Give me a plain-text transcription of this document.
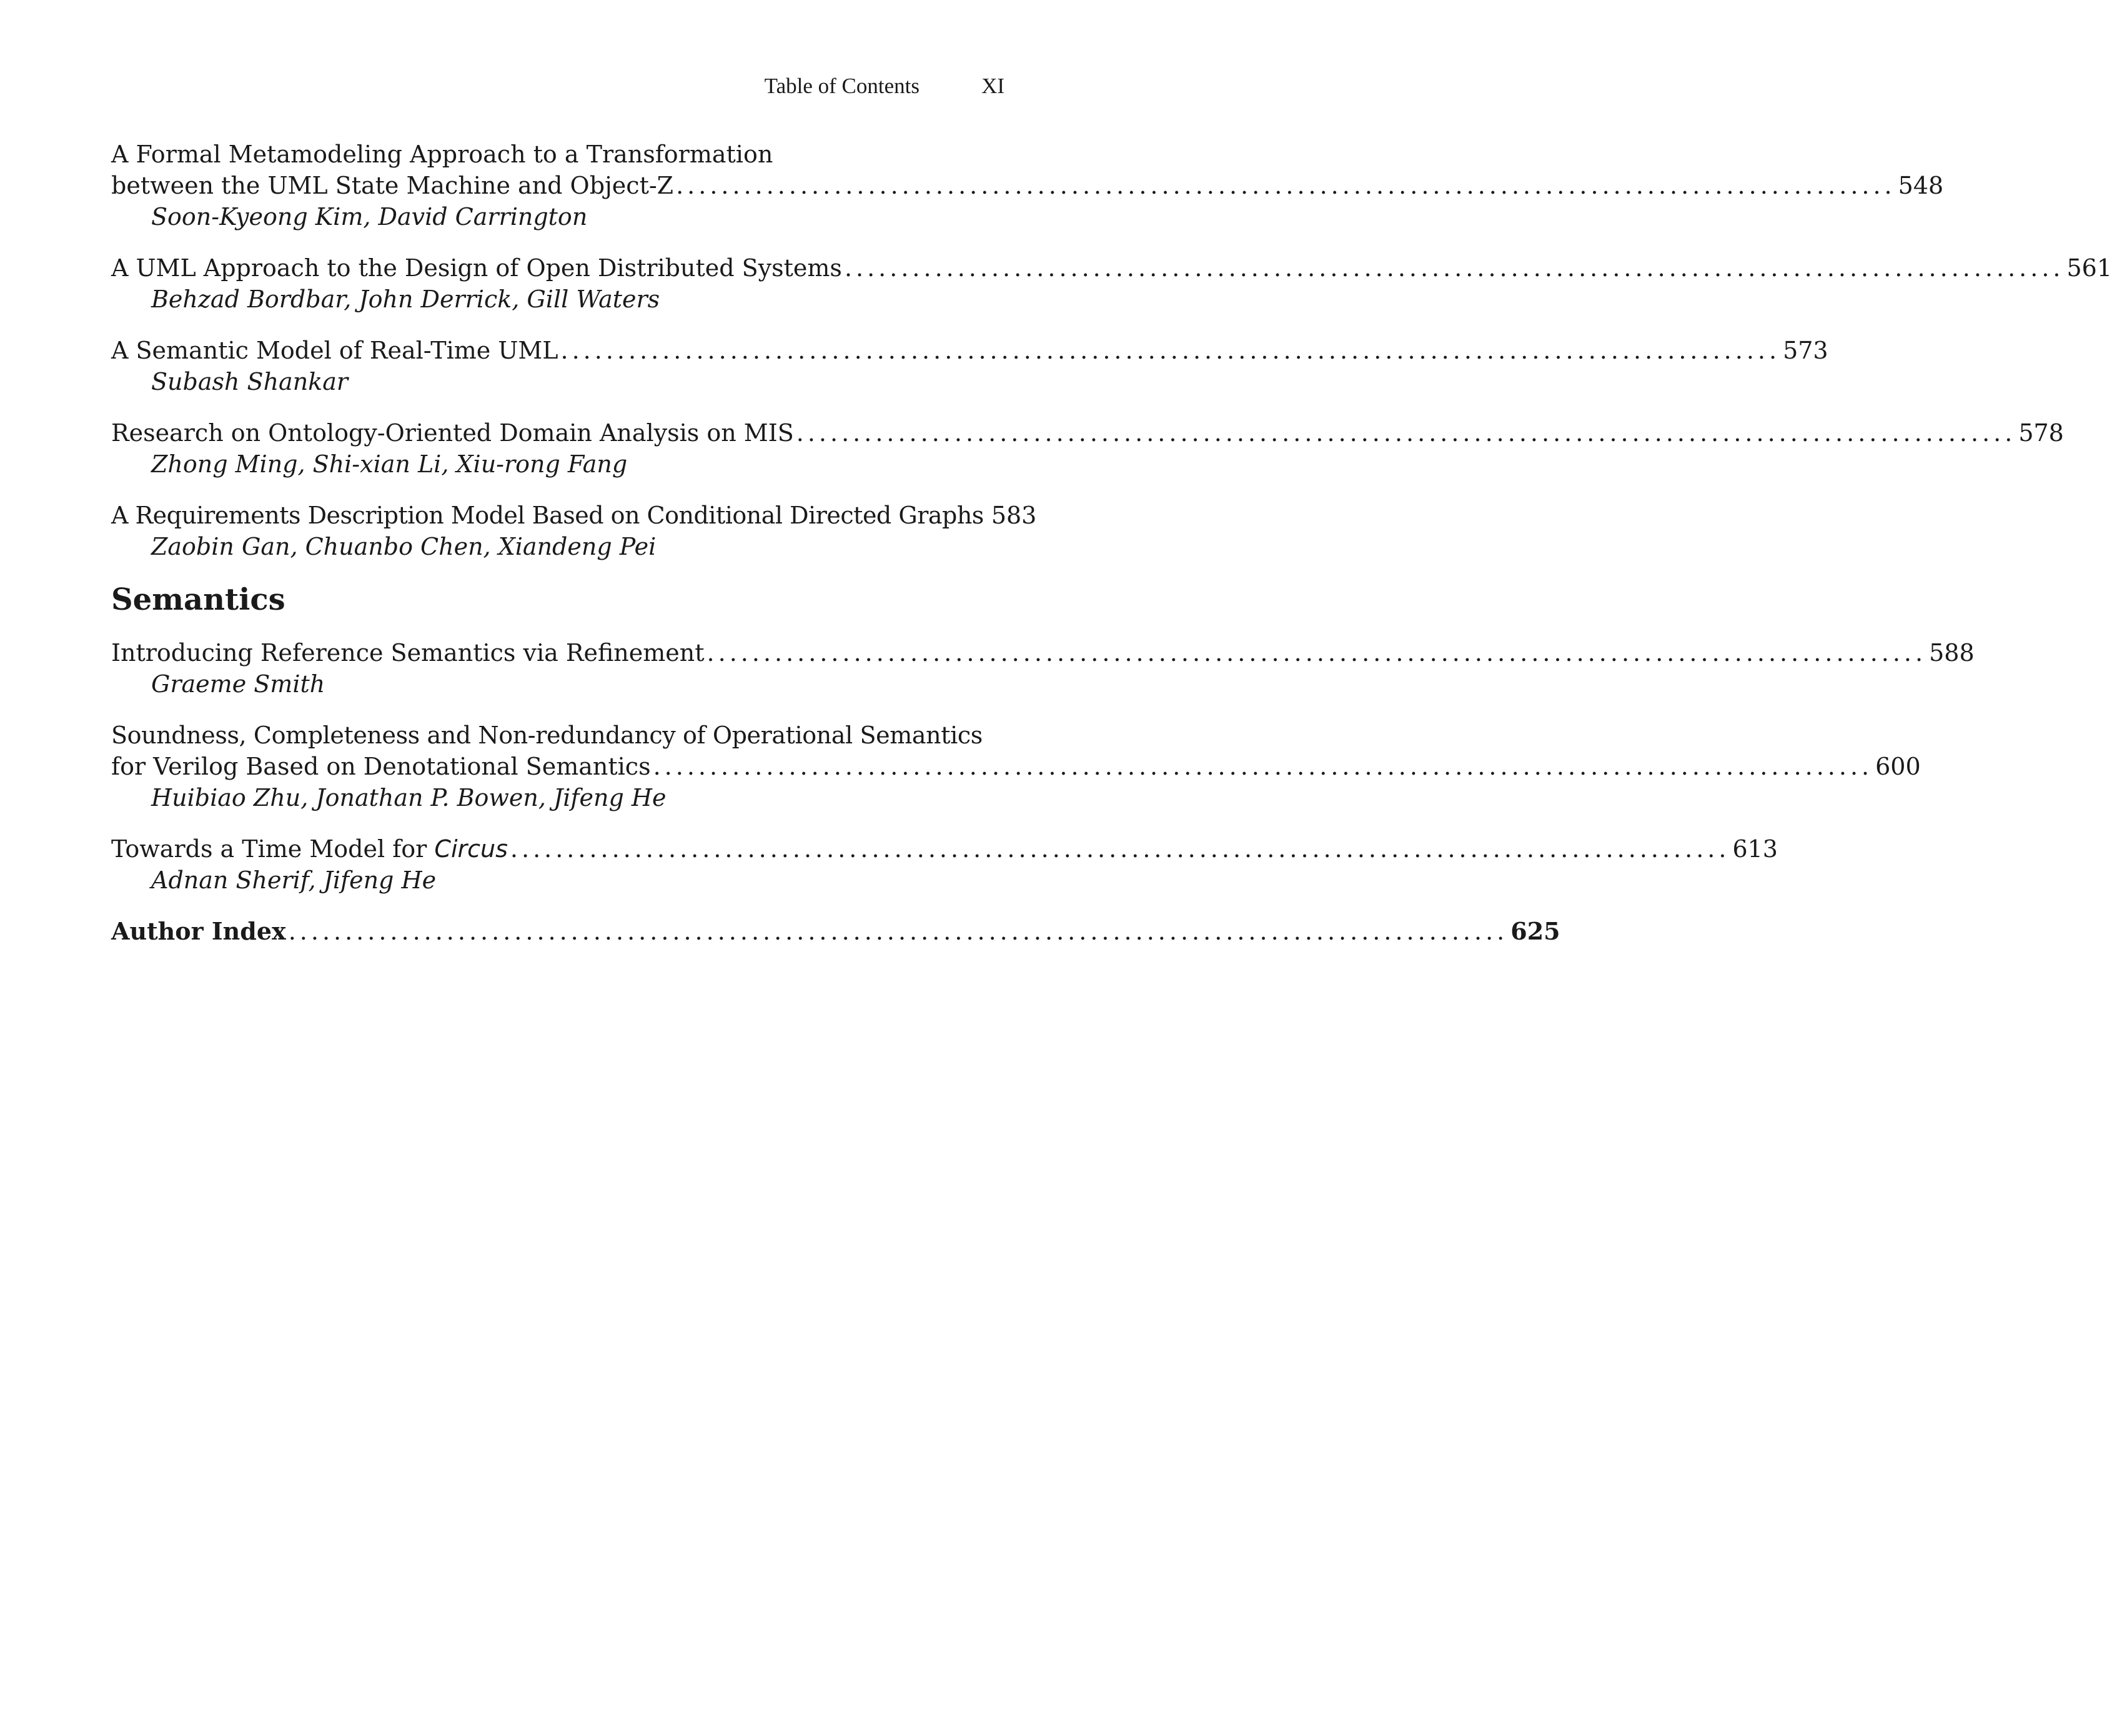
Table of Contents	XI
A Formal Metamodeling Approach to a Transformation
between the UML State Machine and Object-Z ............................................................................................................ 548
Soon-Kyeong Kim, David Carrington
A UML Approach to the Design of Open Distributed Systems ............................................................................................................ 561
Behzad Bordbar, John Derrick, Gill Waters
A Semantic Model of Real-Time UML ............................................................................................................ 573
Subash Shankar
Research on Ontology-Oriented Domain Analysis on MIS ............................................................................................................ 578
Zhong Ming, Shi-xian Li, Xiu-rong Fang
A Requirements Description Model Based on Conditional Directed Graphs 583
Zaobin Gan, Chuanbo Chen, Xiandeng Pei
Semantics
Introducing Reference Semantics via Refinement ............................................................................................................ 588
Graeme Smith
Soundness, Completeness and Non-redundancy of Operational Semantics
for Verilog Based on Denotational Semantics ............................................................................................................ 600
Huibiao Zhu, Jonathan P. Bowen, Jifeng He
Towards a Time Model for Circus ............................................................................................................ 613
Adnan Sherif, Jifeng He
Author Index ............................................................................................................ 625
